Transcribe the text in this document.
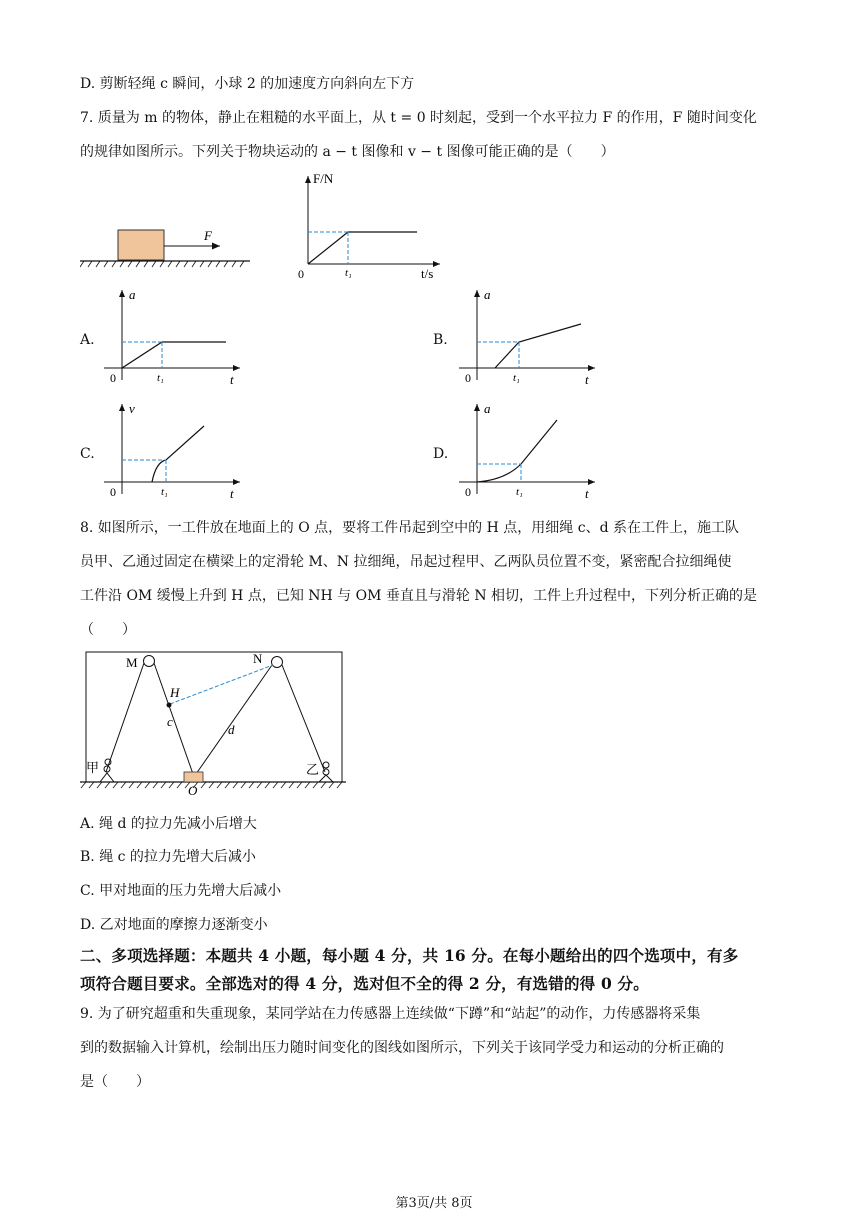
D. 剪断轻绳 c 瞬间，小球 2 的加速度方向斜向左下方
7. 质量为 m 的物体，静止在粗糙的水平面上，从 t = 0 时刻起，受到一个水平拉力 F 的作用，F 随时间变化
的规律如图所示。下列关于物块运动的 a − t 图像和 v − t 图像可能正确的是（　　）
F
F/N
t/s
0	t₁
A.
a
t
0	t₁
B.
a
t
0	t₁
C.
v
t
0	t₁
D.
a
t
0	t₁
8. 如图所示，一工件放在地面上的 O 点，要将工件吊起到空中的 H 点，用细绳 c、d 系在工件上，施工队
员甲、乙通过固定在横梁上的定滑轮 M、N 拉细绳，吊起过程甲、乙两队员位置不变，紧密配合拉细绳使
工件沿 OM 缓慢上升到 H 点，已知 NH 与 OM 垂直且与滑轮 N 相切，工件上升过程中，下列分析正确的是
（　　）
M	N
H
c
d
O
甲	乙
A. 绳 d 的拉力先减小后增大
B. 绳 c 的拉力先增大后减小
C. 甲对地面的压力先增大后减小
D. 乙对地面的摩擦力逐渐变小
二、多项选择题：本题共 4 小题，每小题 4 分，共 16 分。在每小题给出的四个选项中，有多
项符合题目要求。全部选对的得 4 分，选对但不全的得 2 分，有选错的得 0 分。
9. 为了研究超重和失重现象，某同学站在力传感器上连续做“下蹲”和“站起”的动作，力传感器将采集
到的数据输入计算机，绘制出压力随时间变化的图线如图所示，下列关于该同学受力和运动的分析正确的
是（　　）
第3页/共 8页
